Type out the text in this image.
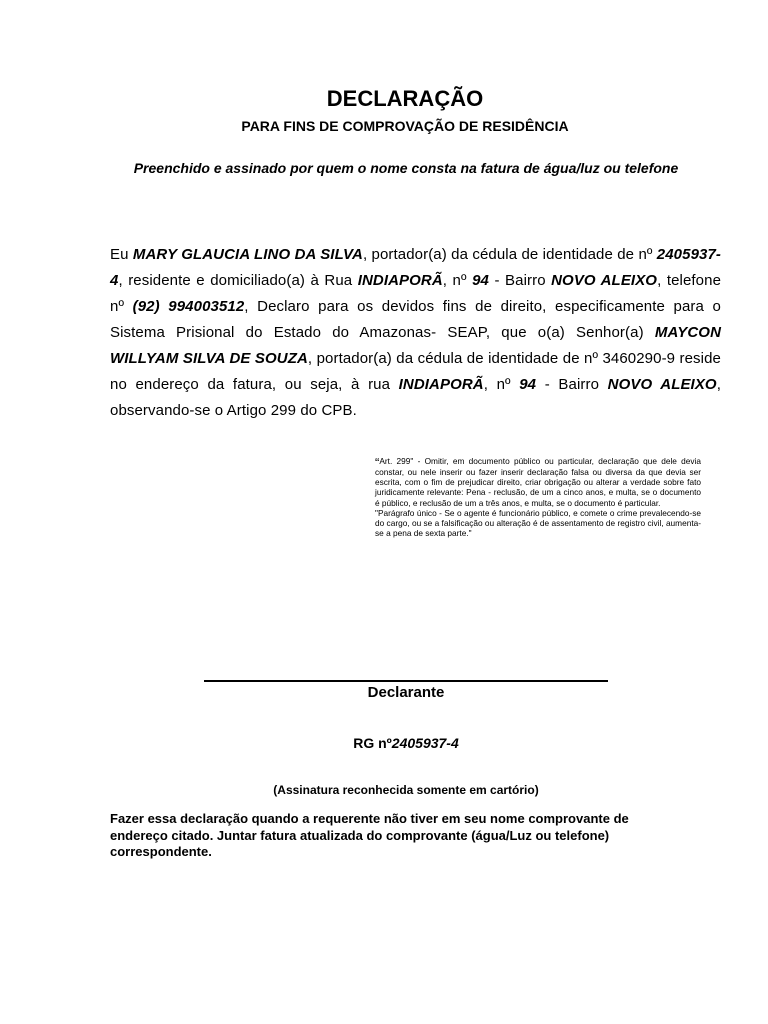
DECLARAÇÃO
PARA FINS DE COMPROVAÇÃO DE RESIDÊNCIA

Preenchido e assinado por quem o nome consta na fatura de água/luz ou telefone

Eu MARY GLAUCIA LINO DA SILVA, portador(a) da cédula de identidade de nº 2405937-4, residente e domiciliado(a) à Rua INDIAPORÃ, nº 94 - Bairro NOVO ALEIXO, telefone nº (92) 994003512, Declaro para os devidos fins de direito, especificamente para o Sistema Prisional do Estado do Amazonas- SEAP, que o(a) Senhor(a) MAYCON WILLYAM SILVA DE SOUZA, portador(a) da cédula de identidade de nº 3460290-9 reside no endereço da fatura, ou seja, à rua INDIAPORÃ, nº 94 - Bairro NOVO ALEIXO, observando-se o Artigo 299 do CPB.

“Art. 299" - Omitir, em documento público ou particular, declaração que dele devia constar, ou nele inserir ou fazer inserir declaração falsa ou diversa da que devia ser escrita, com o fim de prejudicar direito, criar obrigação ou alterar a verdade sobre fato juridicamente relevante: Pena - reclusão, de um a cinco anos, e multa, se o documento é público, e reclusão de um a três anos, e multa, se o documento é particular.

"Parágrafo único - Se o agente é funcionário público, e comete o crime prevalecendo-se do cargo, ou se a falsificação ou alteração é de assentamento de registro civil, aumenta-se a pena de sexta parte."

Declarante

RG nº2405937-4

(Assinatura reconhecida somente em cartório)

Fazer essa declaração quando a requerente não tiver em seu nome comprovante de endereço citado. Juntar fatura atualizada do comprovante (água/Luz ou telefone) correspondente.
